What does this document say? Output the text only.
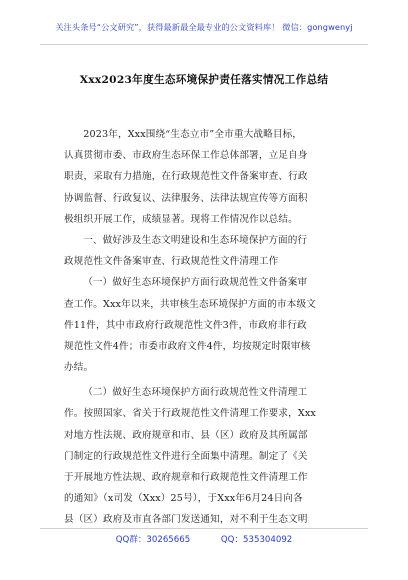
关注头条号“公文研究”，获得最新最全最专业的公文资料库！ 微信：gongwenyj
Xxx2023年度生态环境保护责任落实情况工作总结
2023年，Xxx围绕“生态立市”全市重大战略目标，
认真贯彻市委、市政府生态环保工作总体部署，立足自身
职责，采取有力措施，在行政规范性文件备案审查、行政
协调监督、行政复议、法律服务、法律法规宣传等方面积
极组织开展工作，成绩显著。现将工作情况作以总结。
一、做好涉及生态文明建设和生态环境保护方面的行
政规范性文件备案审查、行政规范性文件清理工作
（一）做好生态环境保护方面行政规范性文件备案审
查工作。Xxx年以来，共审核生态环境保护方面的市本级文
件11件，其中市政府行政规范性文件3件，市政府非行政
规范性文件4件；市委市政府文件4件，均按规定时限审核
办结。
（二）做好生态环境保护方面行政规范性文件清理工
作。按照国家、省关于行政规范性文件清理工作要求，Xxx
对地方性法规、政府规章和市、县（区）政府及其所属部
门制定的行政规范性文件进行全面集中清理。制定了《关
于开展地方性法规、政府规章和行政规范性文件清理工作
的通知》（x司发（Xxx）25号），于Xxx年6月24日向各
县（区）政府及市直各部门发送通知，对不利于生态文明
QQ群：30265665	QQ：535304092
